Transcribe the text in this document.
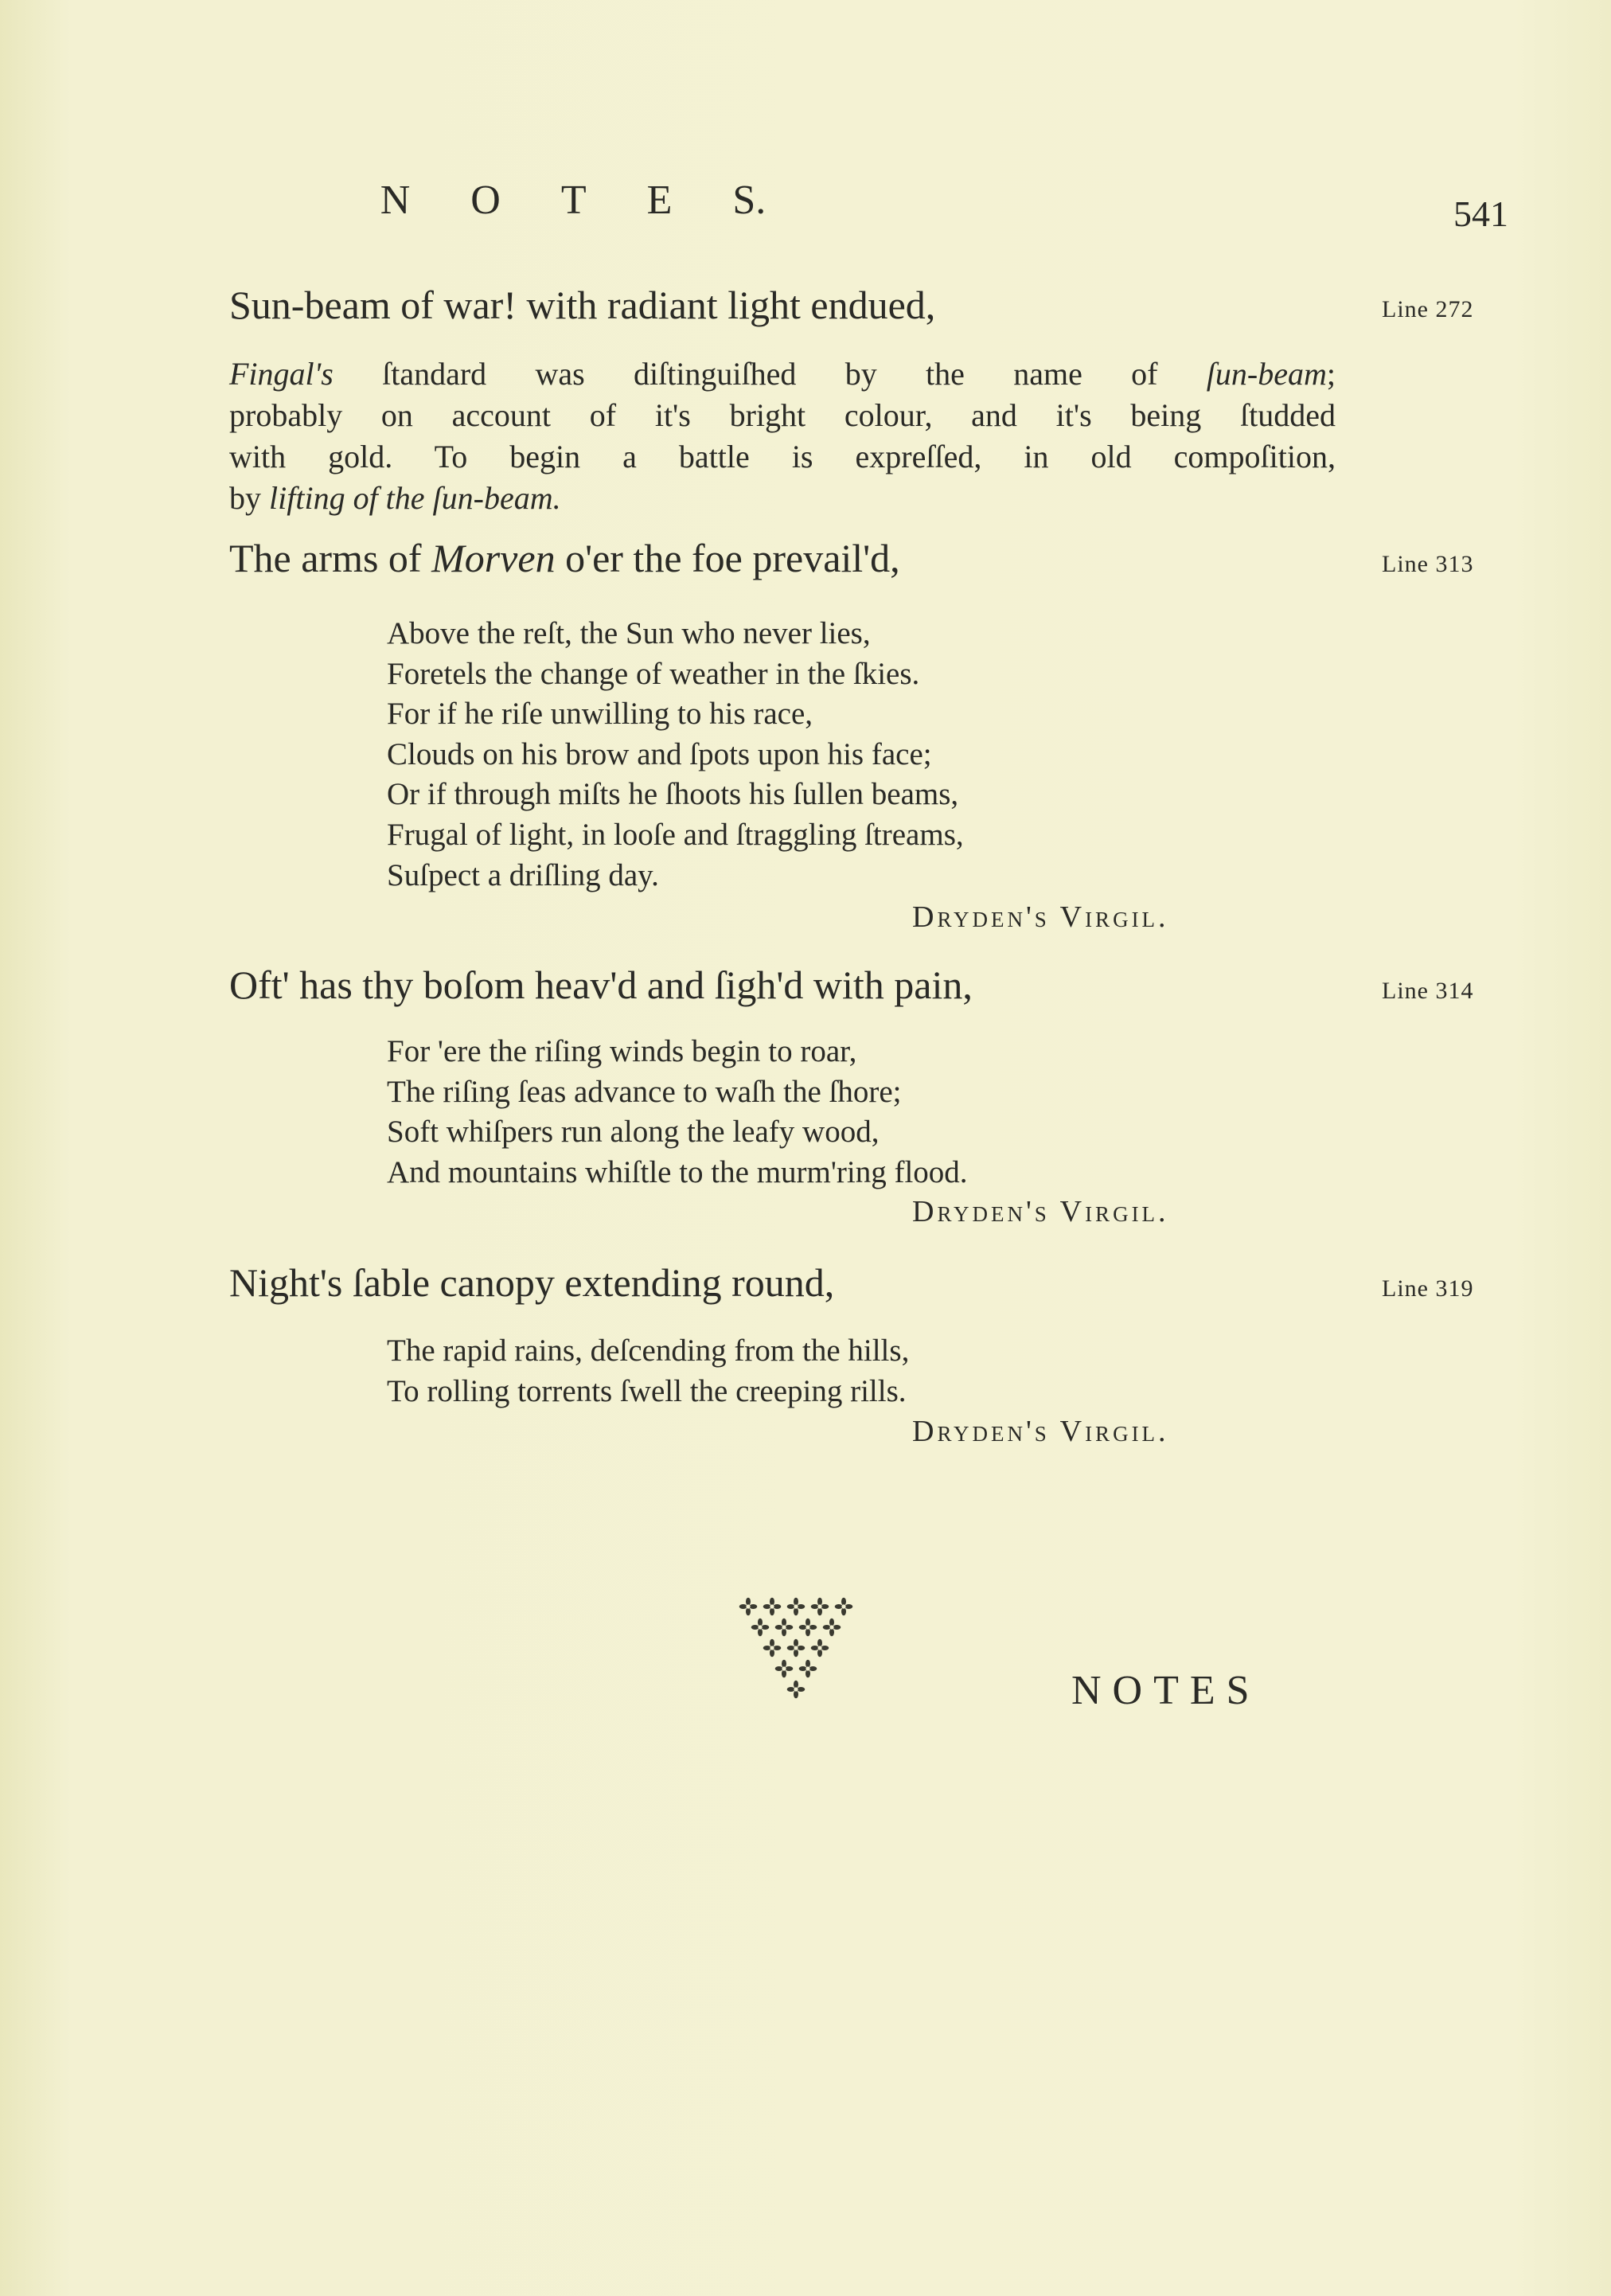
N O T E S.	541
Sun-beam of war! with radiant light endued,	Line 272
Fingal's ſtandard was diſtinguiſhed by the name of ſun-beam;
probably on account of it's bright colour, and it's being ſtudded
with gold. To begin a battle is expreſſed, in old compoſition,
by lifting of the ſun-beam.
The arms of Morven o'er the foe prevail'd,	Line 313
Above the reſt, the Sun who never lies,
Foretels the change of weather in the ſkies.
For if he riſe unwilling to his race,
Clouds on his brow and ſpots upon his face;
Or if through miſts he ſhoots his ſullen beams,
Frugal of light, in looſe and ſtraggling ſtreams,
Suſpect a driſling day.
Dryden's Virgil.
Oft' has thy boſom heav'd and ſigh'd with pain,	Line 314
For 'ere the riſing winds begin to roar,
The riſing ſeas advance to waſh the ſhore;
Soft whiſpers run along the leafy wood,
And mountains whiſtle to the murm'ring flood.
Dryden's Virgil.
Night's ſable canopy extending round,	Line 319
The rapid rains, deſcending from the hills,
To rolling torrents ſwell the creeping rills.
Dryden's Virgil.
NOTES
